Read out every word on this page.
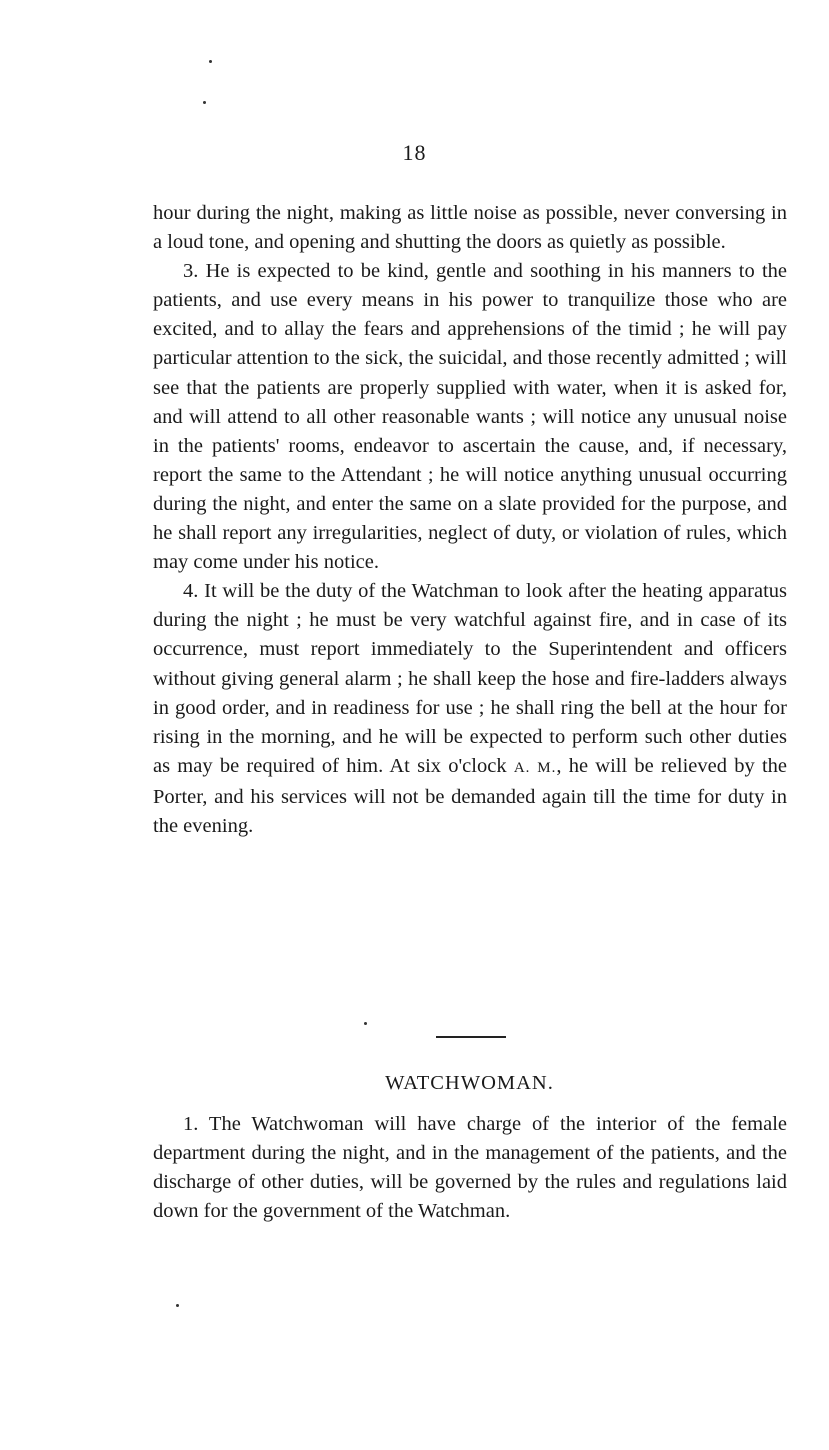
18

hour during the night, making as little noise as possible, never conversing in a loud tone, and opening and shutting the doors as quietly as possible.

3. He is expected to be kind, gentle and soothing in his manners to the patients, and use every means in his power to tranquilize those who are excited, and to allay the fears and apprehensions of the timid ; he will pay particular attention to the sick, the suicidal, and those recently admitted ; will see that the patients are properly supplied with water, when it is asked for, and will attend to all other reasonable wants ; will notice any unusual noise in the patients' rooms, endeavor to ascertain the cause, and, if necessary, report the same to the Attendant ; he will notice anything unusual occurring during the night, and enter the same on a slate provided for the purpose, and he shall report any irregularities, neglect of duty, or violation of rules, which may come under his notice.

4. It will be the duty of the Watchman to look after the heating apparatus during the night ; he must be very watchful against fire, and in case of its occurrence, must report immediately to the Superintendent and officers without giving general alarm ; he shall keep the hose and fire-ladders always in good order, and in readiness for use ; he shall ring the bell at the hour for rising in the morning, and he will be expected to perform such other duties as may be required of him. At six o'clock A. M., he will be relieved by the Porter, and his services will not be demanded again till the time for duty in the evening.

WATCHWOMAN.

1. The Watchwoman will have charge of the interior of the female department during the night, and in the management of the patients, and the discharge of other duties, will be governed by the rules and regulations laid down for the government of the Watchman.
